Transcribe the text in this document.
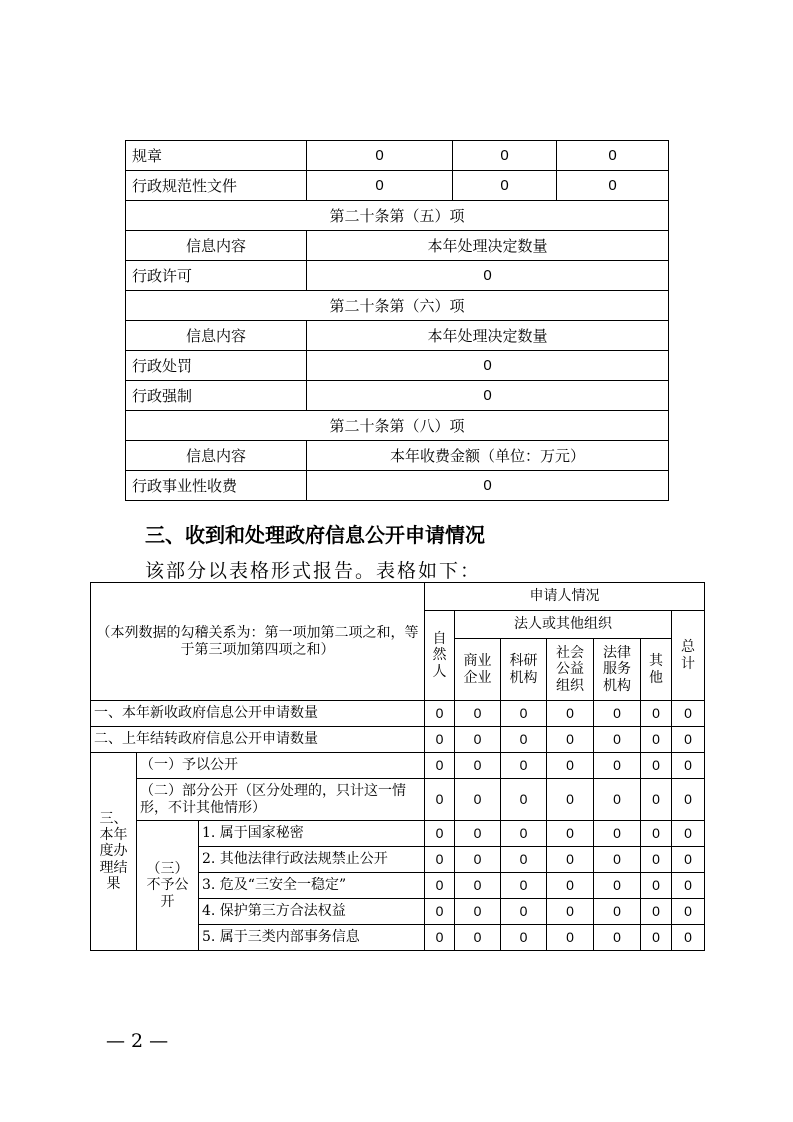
规章	0	0	0
行政规范性文件	0	0	0
第二十条第（五）项			
信息内容	本年处理决定数量		
行政许可	0		
第二十条第（六）项			
信息内容	本年处理决定数量		
行政处罚	0		
行政强制	0		
第二十条第（八）项			
信息内容	本年收费金额（单位：万元）		
行政事业性收费	0		
三、收到和处理政府信息公开申请情况
该部分以表格形式报告。表格如下：
（本列数据的勾稽关系为：第一项加第二项之和，等于第三项加第四项之和）			申请人情况						
			自然人	法人或其他组织					总计
				商业企业	科研机构	社会公益组织	法律服务机构	其他	
一、本年新收政府信息公开申请数量			0	0	0	0	0	0	0
二、上年结转政府信息公开申请数量			0	0	0	0	0	0	0
三、本年度办理结果	（一）予以公开		0	0	0	0	0	0	0
	（二）部分公开（区分处理的，只计这一情形，不计其他情形）		0	0	0	0	0	0	0
	（三）不予公开	1. 属于国家秘密	0	0	0	0	0	0	0
		2. 其他法律行政法规禁止公开	0	0	0	0	0	0	0
		3. 危及“三安全一稳定”	0	0	0	0	0	0	0
		4. 保护第三方合法权益	0	0	0	0	0	0	0
		5. 属于三类内部事务信息	0	0	0	0	0	0	0
— 2 —
